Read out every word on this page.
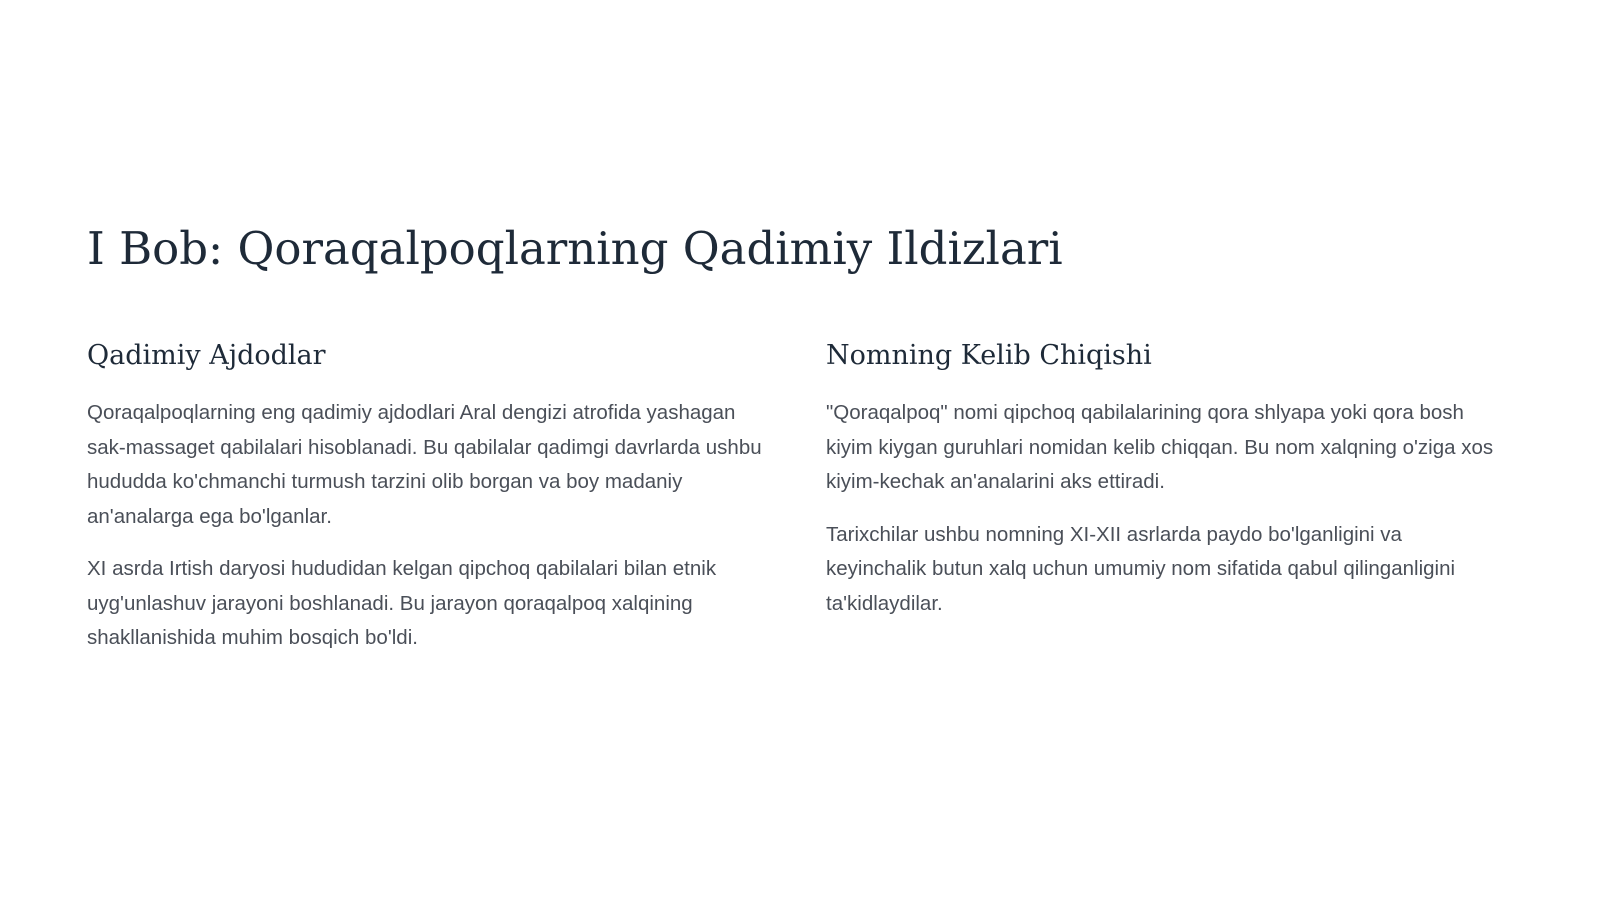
I Bob: Qoraqalpoqlarning Qadimiy Ildizlari
Qadimiy Ajdodlar

Qoraqalpoqlarning eng qadimiy ajdodlari Aral dengizi atrofida yashagan sak-massaget qabilalari hisoblanadi. Bu qabilalar qadimgi davrlarda ushbu hududda ko'chmanchi turmush tarzini olib borgan va boy madaniy an'analarga ega bo'lganlar.

XI asrda Irtish daryosi hududidan kelgan qipchoq qabilalari bilan etnik uyg'unlashuv jarayoni boshlanadi. Bu jarayon qoraqalpoq xalqining shakllanishida muhim bosqich bo'ldi.

Nomning Kelib Chiqishi

"Qoraqalpoq" nomi qipchoq qabilalarining qora shlyapa yoki qora bosh kiyim kiygan guruhlari nomidan kelib chiqqan. Bu nom xalqning o'ziga xos kiyim-kechak an'analarini aks ettiradi.

Tarixchilar ushbu nomning XI-XII asrlarda paydo bo'lganligini va keyinchalik butun xalq uchun umumiy nom sifatida qabul qilinganligini ta'kidlaydilar.
